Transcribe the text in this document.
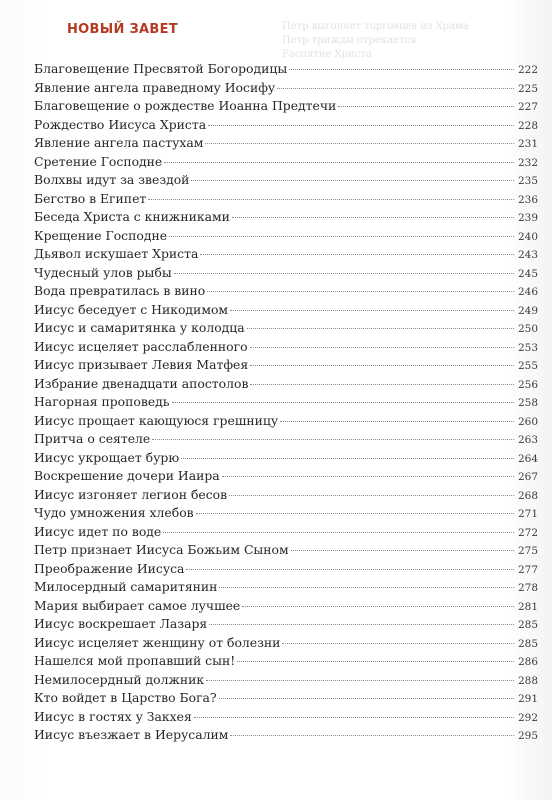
Петр выгоняет торговцев из Храма
Петр трижды отрекается
Распятие Христа
НОВЫЙ ЗАВЕТ
Благовещение Пресвятой Богородицы	222
Явление ангела праведному Иосифу	225
Благовещение о рождестве Иоанна Предтечи	227
Рождество Иисуса Христа	228
Явление ангела пастухам	231
Сретение Господне	232
Волхвы идут за звездой	235
Бегство в Египет	236
Беседа Христа с книжниками	239
Крещение Господне	240
Дьявол искушает Христа	243
Чудесный улов рыбы	245
Вода превратилась в вино	246
Иисус беседует с Никодимом	249
Иисус и самаритянка у колодца	250
Иисус исцеляет расслабленного	253
Иисус призывает Левия Матфея	255
Избрание двенадцати апостолов	256
Нагорная проповедь	258
Иисус прощает кающуюся грешницу	260
Притча о сеятеле	263
Иисус укрощает бурю	264
Воскрешение дочери Иаира	267
Иисус изгоняет легион бесов	268
Чудо умножения хлебов	271
Иисус идет по воде	272
Петр признает Иисуса Божьим Сыном	275
Преображение Иисуса	277
Милосердный самаритянин	278
Мария выбирает самое лучшее	281
Иисус воскрешает Лазаря	285
Иисус исцеляет женщину от болезни	285
Нашелся мой пропавший сын!	286
Немилосердный должник	288
Кто войдет в Царство Бога?	291
Иисус в гостях у Закхея	292
Иисус въезжает в Иерусалим	295
